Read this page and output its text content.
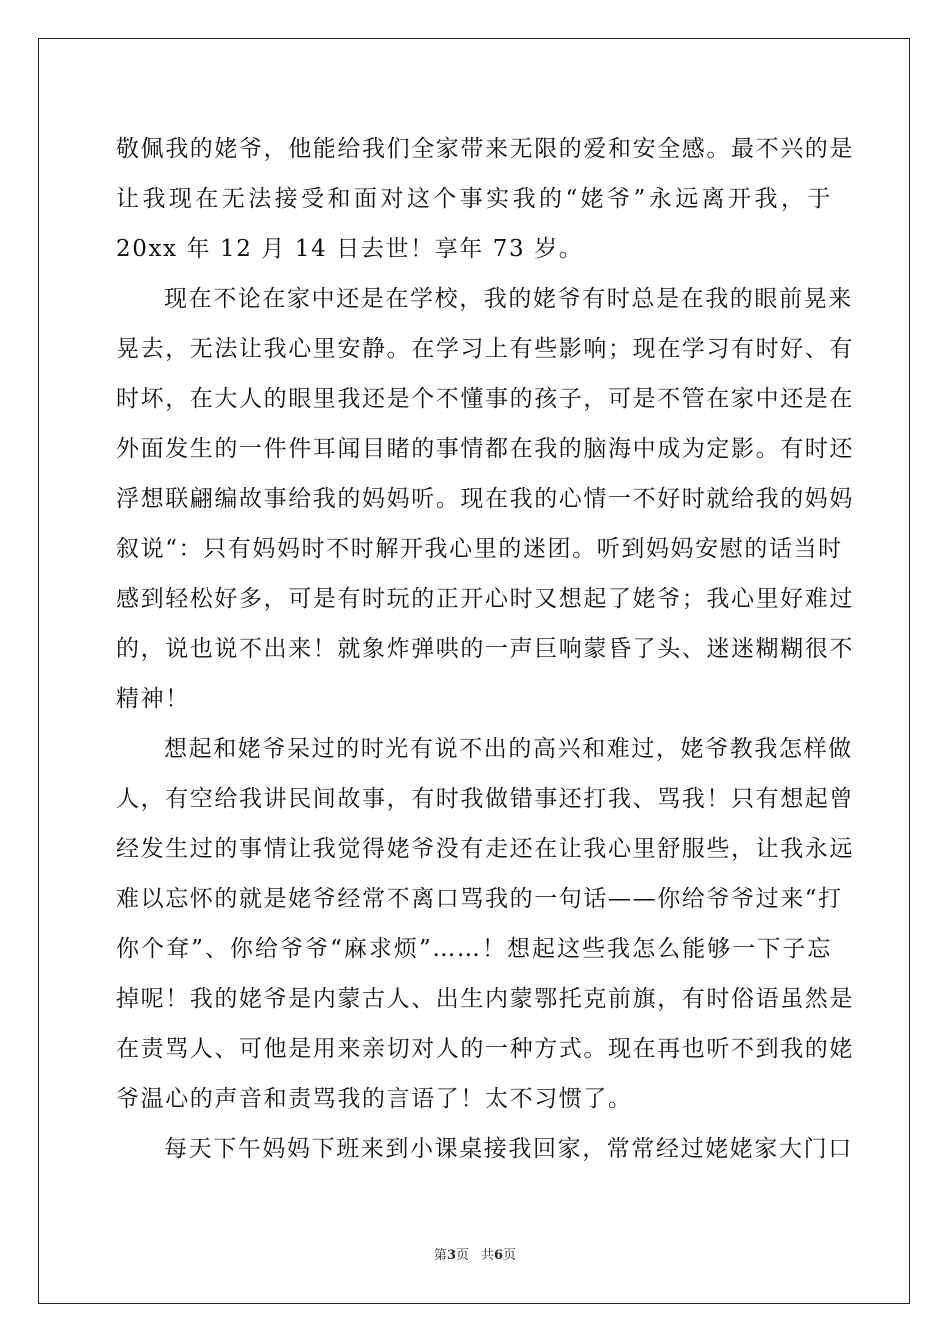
敬佩我的姥爷，他能给我们全家带来无限的爱和安全感。最不兴的是
让我现在无法接受和面对这个事实我的“姥爷”永远离开我，于
20xx 年 12 月 14 日去世！享年 73 岁。
现在不论在家中还是在学校，我的姥爷有时总是在我的眼前晃来
晃去，无法让我心里安静。在学习上有些影响；现在学习有时好、有
时坏，在大人的眼里我还是个不懂事的孩子，可是不管在家中还是在
外面发生的一件件耳闻目睹的事情都在我的脑海中成为定影。有时还
浮想联翩编故事给我的妈妈听。现在我的心情一不好时就给我的妈妈
叙说“：只有妈妈时不时解开我心里的迷团。听到妈妈安慰的话当时
感到轻松好多，可是有时玩的正开心时又想起了姥爷；我心里好难过
的，说也说不出来！就象炸弹哄的一声巨响蒙昏了头、迷迷糊糊很不
精神！
想起和姥爷呆过的时光有说不出的高兴和难过，姥爷教我怎样做
人，有空给我讲民间故事，有时我做错事还打我、骂我！只有想起曾
经发生过的事情让我觉得姥爷没有走还在让我心里舒服些，让我永远
难以忘怀的就是姥爷经常不离口骂我的一句话——你给爷爷过来“打
你个耷”、你给爷爷“麻求烦”……！想起这些我怎么能够一下子忘
掉呢！我的姥爷是内蒙古人、出生内蒙鄂托克前旗，有时俗语虽然是
在责骂人、可他是用来亲切对人的一种方式。现在再也听不到我的姥
爷温心的声音和责骂我的言语了！太不习惯了。
每天下午妈妈下班来到小课桌接我回家，常常经过姥姥家大门口
第3页 共6页
